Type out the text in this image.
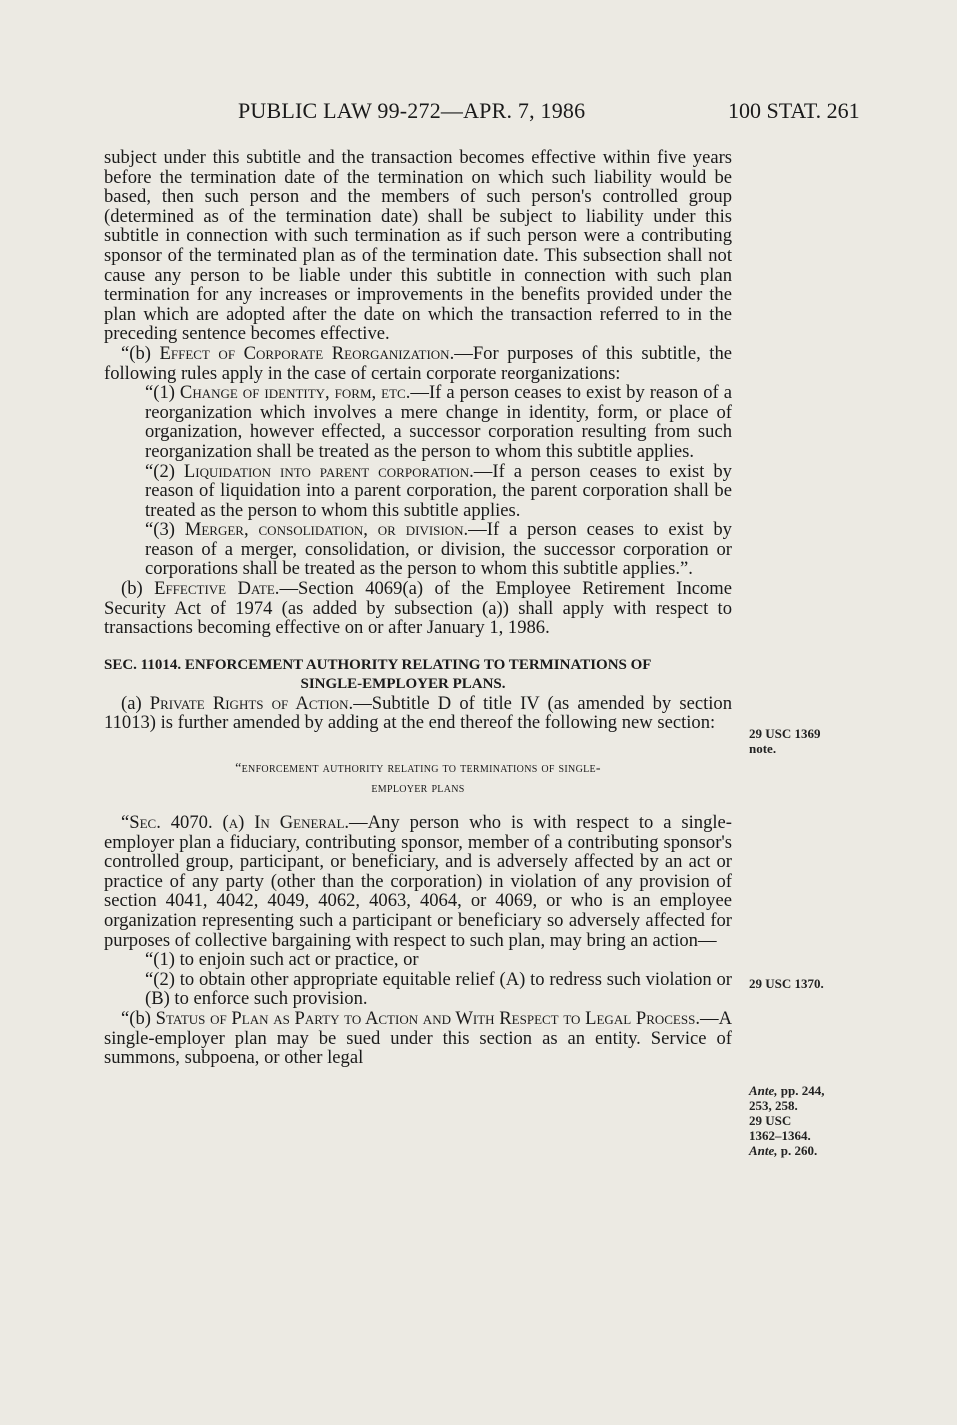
PUBLIC LAW 99-272—APR. 7, 1986	100 STAT. 261

subject under this subtitle and the transaction becomes effective within five years before the termination date of the termination on which such liability would be based, then such person and the members of such person's controlled group (determined as of the termination date) shall be subject to liability under this subtitle in connection with such termination as if such person were a contributing sponsor of the terminated plan as of the termination date. This subsection shall not cause any person to be liable under this subtitle in connection with such plan termination for any increases or improvements in the benefits provided under the plan which are adopted after the date on which the transaction referred to in the preceding sentence becomes effective.

“(b) Effect of Corporate Reorganization.—For purposes of this subtitle, the following rules apply in the case of certain corporate reorganizations:

“(1) Change of identity, form, etc.—If a person ceases to exist by reason of a reorganization which involves a mere change in identity, form, or place of organization, however effected, a successor corporation resulting from such reorganization shall be treated as the person to whom this subtitle applies.

“(2) Liquidation into parent corporation.—If a person ceases to exist by reason of liquidation into a parent corporation, the parent corporation shall be treated as the person to whom this subtitle applies.

“(3) Merger, consolidation, or division.—If a person ceases to exist by reason of a merger, consolidation, or division, the successor corporation or corporations shall be treated as the person to whom this subtitle applies.”.

(b) Effective Date.—Section 4069(a) of the Employee Retirement Income Security Act of 1974 (as added by subsection (a)) shall apply with respect to transactions becoming effective on or after January 1, 1986.

SEC. 11014. ENFORCEMENT AUTHORITY RELATING TO TERMINATIONS OF
SINGLE-EMPLOYER PLANS.

(a) Private Rights of Action.—Subtitle D of title IV (as amended by section 11013) is further amended by adding at the end thereof the following new section:

“enforcement authority relating to terminations of single-
employer plans

“Sec. 4070. (a) In General.—Any person who is with respect to a single-employer plan a fiduciary, contributing sponsor, member of a contributing sponsor's controlled group, participant, or beneficiary, and is adversely affected by an act or practice of any party (other than the corporation) in violation of any provision of section 4041, 4042, 4049, 4062, 4063, 4064, or 4069, or who is an employee organization representing such a participant or beneficiary so adversely affected for purposes of collective bargaining with respect to such plan, may bring an action—

“(1) to enjoin such act or practice, or

“(2) to obtain other appropriate equitable relief (A) to redress such violation or (B) to enforce such provision.

“(b) Status of Plan as Party to Action and With Respect to Legal Process.—A single-employer plan may be sued under this section as an entity. Service of summons, subpoena, or other legal

29 USC 1369
note.
29 USC 1370.
Ante, pp. 244,
253, 258.
29 USC
1362–1364.
Ante, p. 260.
